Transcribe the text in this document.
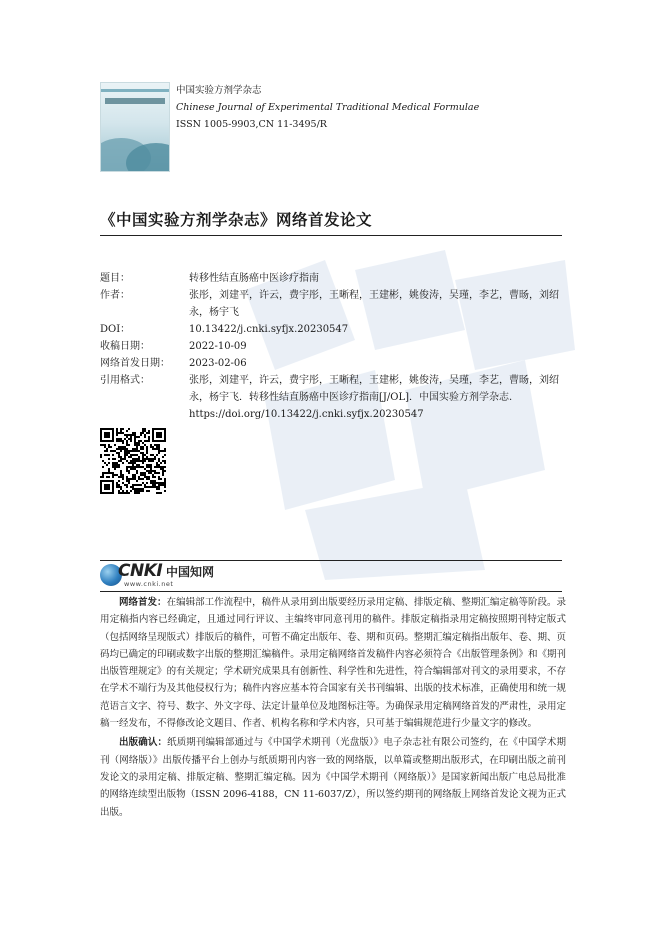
中国实验方剂学杂志
Chinese Journal of Experimental Traditional Medical Formulae
ISSN 1005-9903,CN 11-3495/R
《中国实验方剂学杂志》网络首发论文
题目：	转移性结直肠癌中医诊疗指南
作者：	张彤，刘建平，许云，费宇彤，王晰程，王建彬，姚俊涛，吴瑾，李艺，曹旸，刘绍永，杨宇飞
DOI：	10.13422/j.cnki.syfjx.20230547
收稿日期：	2022-10-09
网络首发日期：	2023-02-06
引用格式：	张彤，刘建平，许云，费宇彤，王晰程，王建彬，姚俊涛，吴瑾，李艺，曹旸，刘绍永，杨宇飞．转移性结直肠癌中医诊疗指南[J/OL]．中国实验方剂学杂志. https://doi.org/10.13422/j.cnki.syfjx.20230547
CNKI 中国知网
www.cnki.net

网络首发：在编辑部工作流程中，稿件从录用到出版要经历录用定稿、排版定稿、整期汇编定稿等阶段。录用定稿指内容已经确定，且通过同行评议、主编终审同意刊用的稿件。排版定稿指录用定稿按照期刊特定版式（包括网络呈现版式）排版后的稿件，可暂不确定出版年、卷、期和页码。整期汇编定稿指出版年、卷、期、页码均已确定的印刷或数字出版的整期汇编稿件。录用定稿网络首发稿件内容必须符合《出版管理条例》和《期刊出版管理规定》的有关规定；学术研究成果具有创新性、科学性和先进性，符合编辑部对刊文的录用要求，不存在学术不端行为及其他侵权行为；稿件内容应基本符合国家有关书刊编辑、出版的技术标准，正确使用和统一规范语言文字、符号、数字、外文字母、法定计量单位及地图标注等。为确保录用定稿网络首发的严肃性，录用定稿一经发布，不得修改论文题目、作者、机构名称和学术内容，只可基于编辑规范进行少量文字的修改。

出版确认：纸质期刊编辑部通过与《中国学术期刊（光盘版）》电子杂志社有限公司签约，在《中国学术期刊（网络版）》出版传播平台上创办与纸质期刊内容一致的网络版，以单篇或整期出版形式，在印刷出版之前刊发论文的录用定稿、排版定稿、整期汇编定稿。因为《中国学术期刊（网络版）》是国家新闻出版广电总局批准的网络连续型出版物（ISSN 2096-4188，CN 11-6037/Z），所以签约期刊的网络版上网络首发论文视为正式出版。
